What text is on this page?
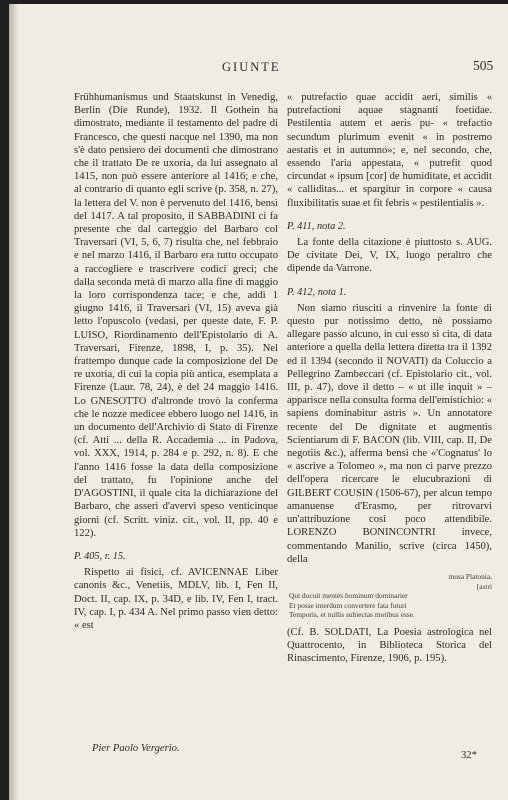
GIUNTE	505

Frühhumanismus und Staatskunst in Venedig, Berlin (Die Runde), 1932. Il Gothein ha dimostrato, mediante il testamento del padre di Francesco, che questi nacque nel 1390, ma non s'è dato pensiero dei documenti che dimostrano che il trattato De re uxoria, da lui assegnato al 1415, non può essere anteriore al 1416; e che, al contrario di quanto egli scrive (p. 358, n. 27), la lettera del V. non è pervenuto del 1416, bensì del 1417. A tal proposito, il SABBADINI ci fa presente che dal carteggio del Barbaro col Traversari (VI, 5, 6, 7) risulta che, nel febbraio e nel marzo 1416, il Barbaro era tutto occupato a raccogliere e trascrivere codici greci; che dalla seconda metà di marzo alla fine di maggio la loro corrispondenza tace; e che, addì 1 giugno 1416, il Traversari (VI, 15) aveva già letto l'opuscolo (vedasi, per queste date, F. P. LUISO, Riordinamento dell'Epistolario di A. Traversari, Firenze, 1898, I, p. 35). Nel frattempo dunque cade la composizione del De re uxoria, di cui la copia più antica, esemplata a Firenze (Laur. 78, 24), è del 24 maggio 1416. Lo GNESOTTO d'altronde trovò la conferma che le nozze medicee ebbero luogo nel 1416, in un documento dell'Archivio di Stato di Firenze (cf. Atti ... della R. Accademia ... in Padova, vol. XXX, 1914, p. 284 e p. 292, n. 8). E che l'anno 1416 fosse la data della composizione del trattato, fu l'opinione anche del D'AGOSTINI, il quale cita la dichiarazione del Barbaro, che asserì d'avervi speso venticinque giorni (cf. Scritt. viniz. cit., vol. II, pp. 40 e 122).

P. 405, r. 15.

Rispetto ai fisici, cf. AVICENNAE Liber canonis &c., Venetiis, MDLV, lib. I, Fen II, Doct. II, cap. IX, p. 34D, e lib. IV, Fen I, tract. IV, cap. I, p. 434 A. Nel primo passo vien detto: « est

« putrefactio quae accidit aeri, similis « putrefactioni aquae stagnanti foetidae. Pestilentia autem et aeris pu- « trefactio secundum plurimum evenit « in postremo aestatis et in autumno»; e, nel secondo, che, essendo l'aria appestata, « putrefit quod circundat « ipsum [cor] de humiditate, et accidit « calliditas... et spargitur in corpore « causa fluxibilitatis suae et fit febris « pestilentialis ».

P. 411, nota 2.

La fonte della citazione è piuttosto s. AUG. De civitate Dei, V, IX, luogo peraltro che dipende da Varrone.

P. 412, nota 1.

Non siamo riusciti a rinvenire la fonte di questo pur notissimo detto, nè possiamo allegare passo alcuno, in cui esso si cita, di data anteriore a quella della lettera diretta tra il 1392 ed il 1394 (secondo il NOVATI) da Coluccio a Pellegrino Zambeccari (cf. Epistolario cit., vol. III, p. 47), dove il detto – « ut ille inquit » – apparisce nella consulta forma dell'emistichio: « sapiens dominabitur astris ». Un annotatore recente del De dignitate et augmentis Scientiarum di F. BACON (lib. VIII, cap. II, De negotiis &c.), afferma bensì che «'Cognatus' lo « ascrive a Tolomeo », ma non ci parve prezzo dell'opera ricercare le elucubrazioni di GILBERT COUSIN (1506-67), per alcun tempo amanuense d'Erasmo, per ritrovarvi un'attribuzione così poco attendibile. LORENZO BONINCONTRI invece, commentando Manilio, scrive (circa 1450), della

musa Platonia,
[astri
Qui docuit mentes hominum dominarier
Et posse interdum convertere fata futuri
Temporis, et nullis subiectas motibus esse.

(Cf. B. SOLDATI, La Poesia astrologica nel Quattrocento, in Biblioteca Storica del Rinascimento, Firenze, 1906, p. 195).

Pier Paolo Vergerio.
32*
